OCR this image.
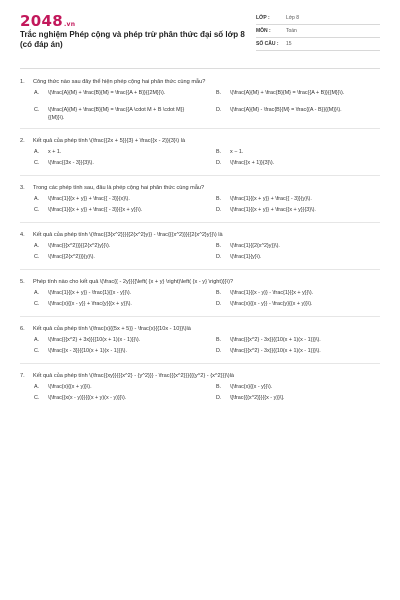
2048.vn
Trắc nghiệm Phép cộng và phép trừ phân thức đại số lớp 8 (có đáp án)
LỚP :	Lớp 8
MÔN :	Toán
SỐ CÂU :	15
1.	Công thức nào sau đây thể hiện phép cộng hai phân thức cùng mẫu?
A.	\(\frac{A}{M} + \frac{B}{M} = \frac{{A + B}}{{2M}}\).	B.	\(\frac{A}{M} + \frac{B}{M} = \frac{{A + B}}{{M}}\).
C.	\(\frac{A}{M} + \frac{B}{M} = \frac{{A \cdot M + B \cdot M}}{{M}}\).
D.	\(\frac{A}{M} - \frac{B}{M} = \frac{{A - B}}{{M}}\).
2.	Kết quả của phép tính \(\frac{{2x + 5}}{3} + \frac{{x - 2}}{3}\) là
A.	x + 1.	B.	x − 1.
C.	\(\frac{{3x - 3}}{3}\).	D.	\(\frac{{x + 1}}{3}\).
3.	Trong các phép tính sau, đâu là phép cộng hai phân thức cùng mẫu?
A.	\(\frac{1}{{x + y}} + \frac{{ - 3}}{x}\).	B.	\(\frac{1}{{x + y}} + \frac{{ - 3}}{y}\).
C.	\(\frac{1}{{x + y}} + \frac{{ - 3}}{{x + y}}\).	D.	\(\frac{1}{{x + y}} + \frac{{x + y}}{3}\).
4.	Kết quả của phép tính \(\frac{{3{x^2}}}{{2{x^2}y}} - \frac{{{x^2}}}{{2{x^2}y}}\) là
A.	\(\frac{{{x^2}}}{{2{x^2}y}}\).	B.	\(\frac{1}{{2{x^2}y}}\).
C.	\(\frac{{2{x^2}}}{y}\).	D.	\(\frac{1}{y}\).
5.	Phép tính nào cho kết quả \(\frac{{ - 2y}}{{\left( {x + y} \right)\left( {x - y} \right)}}\)?
A.	\(\frac{1}{{x + y}} - \frac{1}{{x - y}}\).	B.	\(\frac{1}{{x - y}} - \frac{1}{{x + y}}\).
C.	\(\frac{x}{{x - y}} + \frac{y}{{x + y}}\).	D.	\(\frac{x}{{x - y}} - \frac{y}{{x + y}}\).
6.	Kết quả của phép tính \(\frac{x}{{5x + 5}} - \frac{x}{{10x - 10}}\)là
A.	\(\frac{{{x^2} + 3x}}{{10(x + 1)(x - 1)}}\).	B.	\(\frac{{{x^2} - 3x}}{{10(x + 1)(x - 1)}}\).
C.	\(\frac{{x - 3}}{{10(x + 1)(x - 1)}}\).	D.	\(\frac{{{x^2} - 3x}}{{10(x + 1)(x - 1)}}\).
7.	Kết quả của phép tính \(\frac{{xy}}{{{x^2} - {y^2}}} - \frac{{{x^2}}}{{{y^2} - {x^2}}}\)là
A.	\(\frac{x}{{x + y}}\).	B.	\(\frac{x}{{x - y}}\).
C.	\(\frac{{x(x - y)}}{{(x + y)(x - y)}}\).	D.	\[\frac{{{x^2}}}{{x - y}}\].
